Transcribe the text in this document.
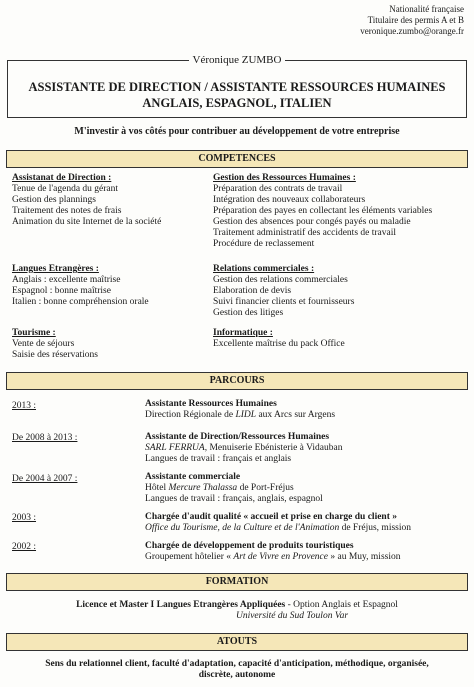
Nationalité française
Titulaire des permis A et B
veronique.zumbo@orange.fr
Véronique ZUMBO
ASSISTANTE DE DIRECTION / ASSISTANTE RESSOURCES HUMAINES
ANGLAIS, ESPAGNOL, ITALIEN
M'investir à vos côtés pour contribuer au développement de votre entreprise
COMPETENCES
Assistanat de Direction :
Tenue de l'agenda du gérant
Gestion des plannings
Traitement des notes de frais
Animation du site Internet de la société
Langues Etrangères :
Anglais : excellente maîtrise
Espagnol : bonne maîtrise
Italien : bonne compréhension orale
Tourisme :
Vente de séjours
Saisie des réservations
Gestion des Ressources Humaines :
Préparation des contrats de travail
Intégration des nouveaux collaborateurs
Préparation des payes en collectant les éléments variables
Gestion des absences pour congés payés ou maladie
Traitement administratif des accidents de travail
Procédure de reclassement
Relations commerciales :
Gestion des relations commerciales
Elaboration de devis
Suivi financier clients et fournisseurs
Gestion des litiges
Informatique :
Excellente maîtrise du pack Office
PARCOURS
2013 :	Assistante Ressources Humaines
Direction Régionale de LIDL aux Arcs sur Argens
De 2008 à 2013 :	Assistante de Direction/Ressources Humaines
SARL FERRUA, Menuiserie Ebénisterie à Vidauban
Langues de travail : français et anglais
De 2004 à 2007 :	Assistante commerciale
Hôtel Mercure Thalassa de Port-Fréjus
Langues de travail : français, anglais, espagnol
2003 :	Chargée d'audit qualité « accueil et prise en charge du client »
Office du Tourisme, de la Culture et de l'Animation de Fréjus, mission
2002 :	Chargée de développement de produits touristiques
Groupement hôtelier « Art de Vivre en Provence » au Muy, mission
FORMATION
Licence et Master I Langues Etrangères Appliquées - Option Anglais et Espagnol
Université du Sud Toulon Var
ATOUTS
Sens du relationnel client, faculté d'adaptation, capacité d'anticipation, méthodique, organisée,
discrète, autonome
